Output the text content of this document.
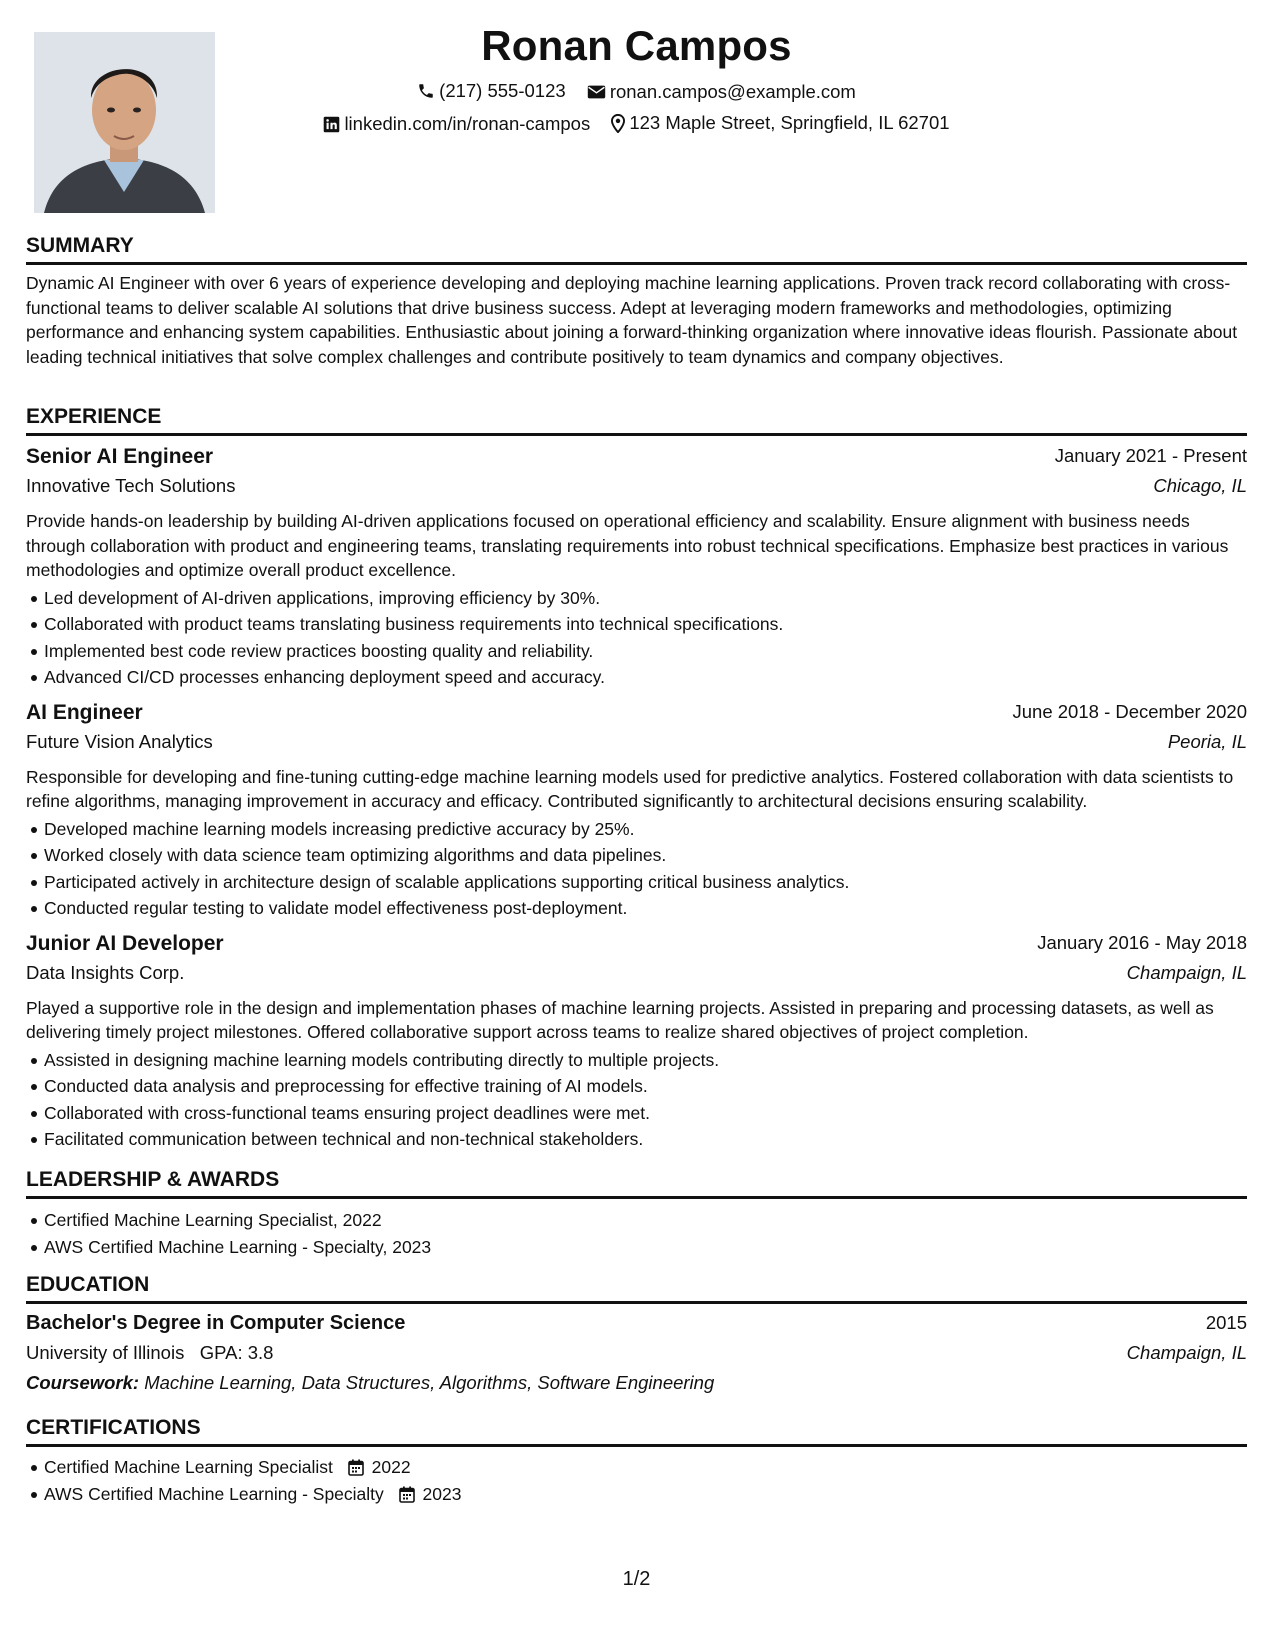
Ronan Campos
(217) 555-0123
ronan.campos@example.com
linkedin.com/in/ronan-campos
123 Maple Street, Springfield, IL 62701
SUMMARY
Dynamic AI Engineer with over 6 years of experience developing and deploying machine learning applications. Proven track record collaborating with cross-functional teams to deliver scalable AI solutions that drive business success. Adept at leveraging modern frameworks and methodologies, optimizing performance and enhancing system capabilities. Enthusiastic about joining a forward-thinking organization where innovative ideas flourish. Passionate about leading technical initiatives that solve complex challenges and contribute positively to team dynamics and company objectives.
EXPERIENCE
Senior AI Engineer	January 2021 - Present
Innovative Tech Solutions	Chicago, IL
Provide hands-on leadership by building AI-driven applications focused on operational efficiency and scalability. Ensure alignment with business needs through collaboration with product and engineering teams, translating requirements into robust technical specifications. Emphasize best practices in various methodologies and optimize overall product excellence.
Led development of AI-driven applications, improving efficiency by 30%.
Collaborated with product teams translating business requirements into technical specifications.
Implemented best code review practices boosting quality and reliability.
Advanced CI/CD processes enhancing deployment speed and accuracy.
AI Engineer	June 2018 - December 2020
Future Vision Analytics	Peoria, IL
Responsible for developing and fine-tuning cutting-edge machine learning models used for predictive analytics. Fostered collaboration with data scientists to refine algorithms, managing improvement in accuracy and efficacy. Contributed significantly to architectural decisions ensuring scalability.
Developed machine learning models increasing predictive accuracy by 25%.
Worked closely with data science team optimizing algorithms and data pipelines.
Participated actively in architecture design of scalable applications supporting critical business analytics.
Conducted regular testing to validate model effectiveness post-deployment.
Junior AI Developer	January 2016 - May 2018
Data Insights Corp.	Champaign, IL
Played a supportive role in the design and implementation phases of machine learning projects. Assisted in preparing and processing datasets, as well as delivering timely project milestones. Offered collaborative support across teams to realize shared objectives of project completion.
Assisted in designing machine learning models contributing directly to multiple projects.
Conducted data analysis and preprocessing for effective training of AI models.
Collaborated with cross-functional teams ensuring project deadlines were met.
Facilitated communication between technical and non-technical stakeholders.
LEADERSHIP & AWARDS
Certified Machine Learning Specialist, 2022
AWS Certified Machine Learning - Specialty, 2023
EDUCATION
Bachelor's Degree in Computer Science	2015
University of Illinois GPA: 3.8	Champaign, IL
Coursework: Machine Learning, Data Structures, Algorithms, Software Engineering
CERTIFICATIONS
Certified Machine Learning Specialist 2022
AWS Certified Machine Learning - Specialty 2023
1/2
